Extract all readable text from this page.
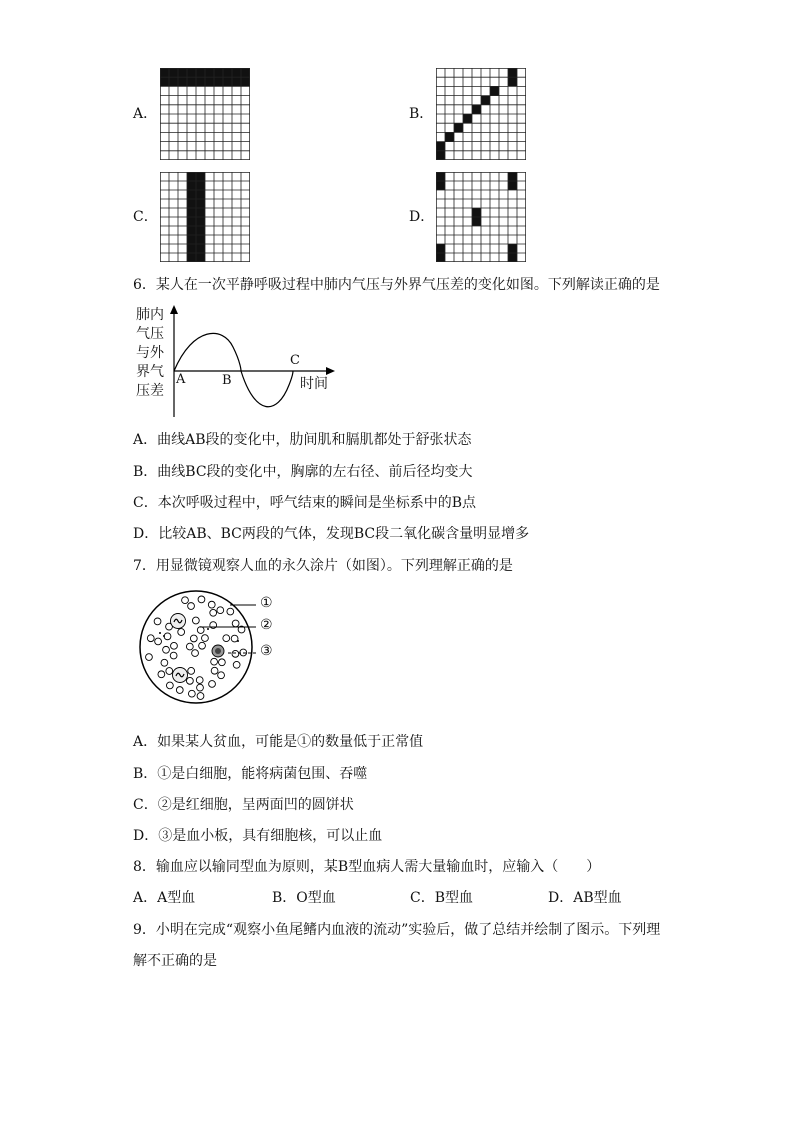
A．	B．
C．	D．
6．某人在一次平静呼吸过程中肺内气压与外界气压差的变化如图。下列解读正确的是
肺内
气压
与外
界气
压差
A	B
C
时间
A．曲线AB段的变化中，肋间肌和膈肌都处于舒张状态
B．曲线BC段的变化中，胸廓的左右径、前后径均变大
C．本次呼吸过程中，呼气结束的瞬间是坐标系中的B点
D．比较AB、BC两段的气体，发现BC段二氧化碳含量明显增多
7．用显微镜观察人血的永久涂片（如图）。下列理解正确的是
①
②
③
A．如果某人贫血，可能是①的数量低于正常值
B．①是白细胞，能将病菌包围、吞噬
C．②是红细胞，呈两面凹的圆饼状
D．③是血小板，具有细胞核，可以止血
8．输血应以输同型血为原则，某B型血病人需大量输血时，应输入（　　）
A．A型血	B．O型血	C．B型血	D．AB型血
9．小明在完成“观察小鱼尾鳍内血液的流动”实验后，做了总结并绘制了图示。下列理
解不正确的是
